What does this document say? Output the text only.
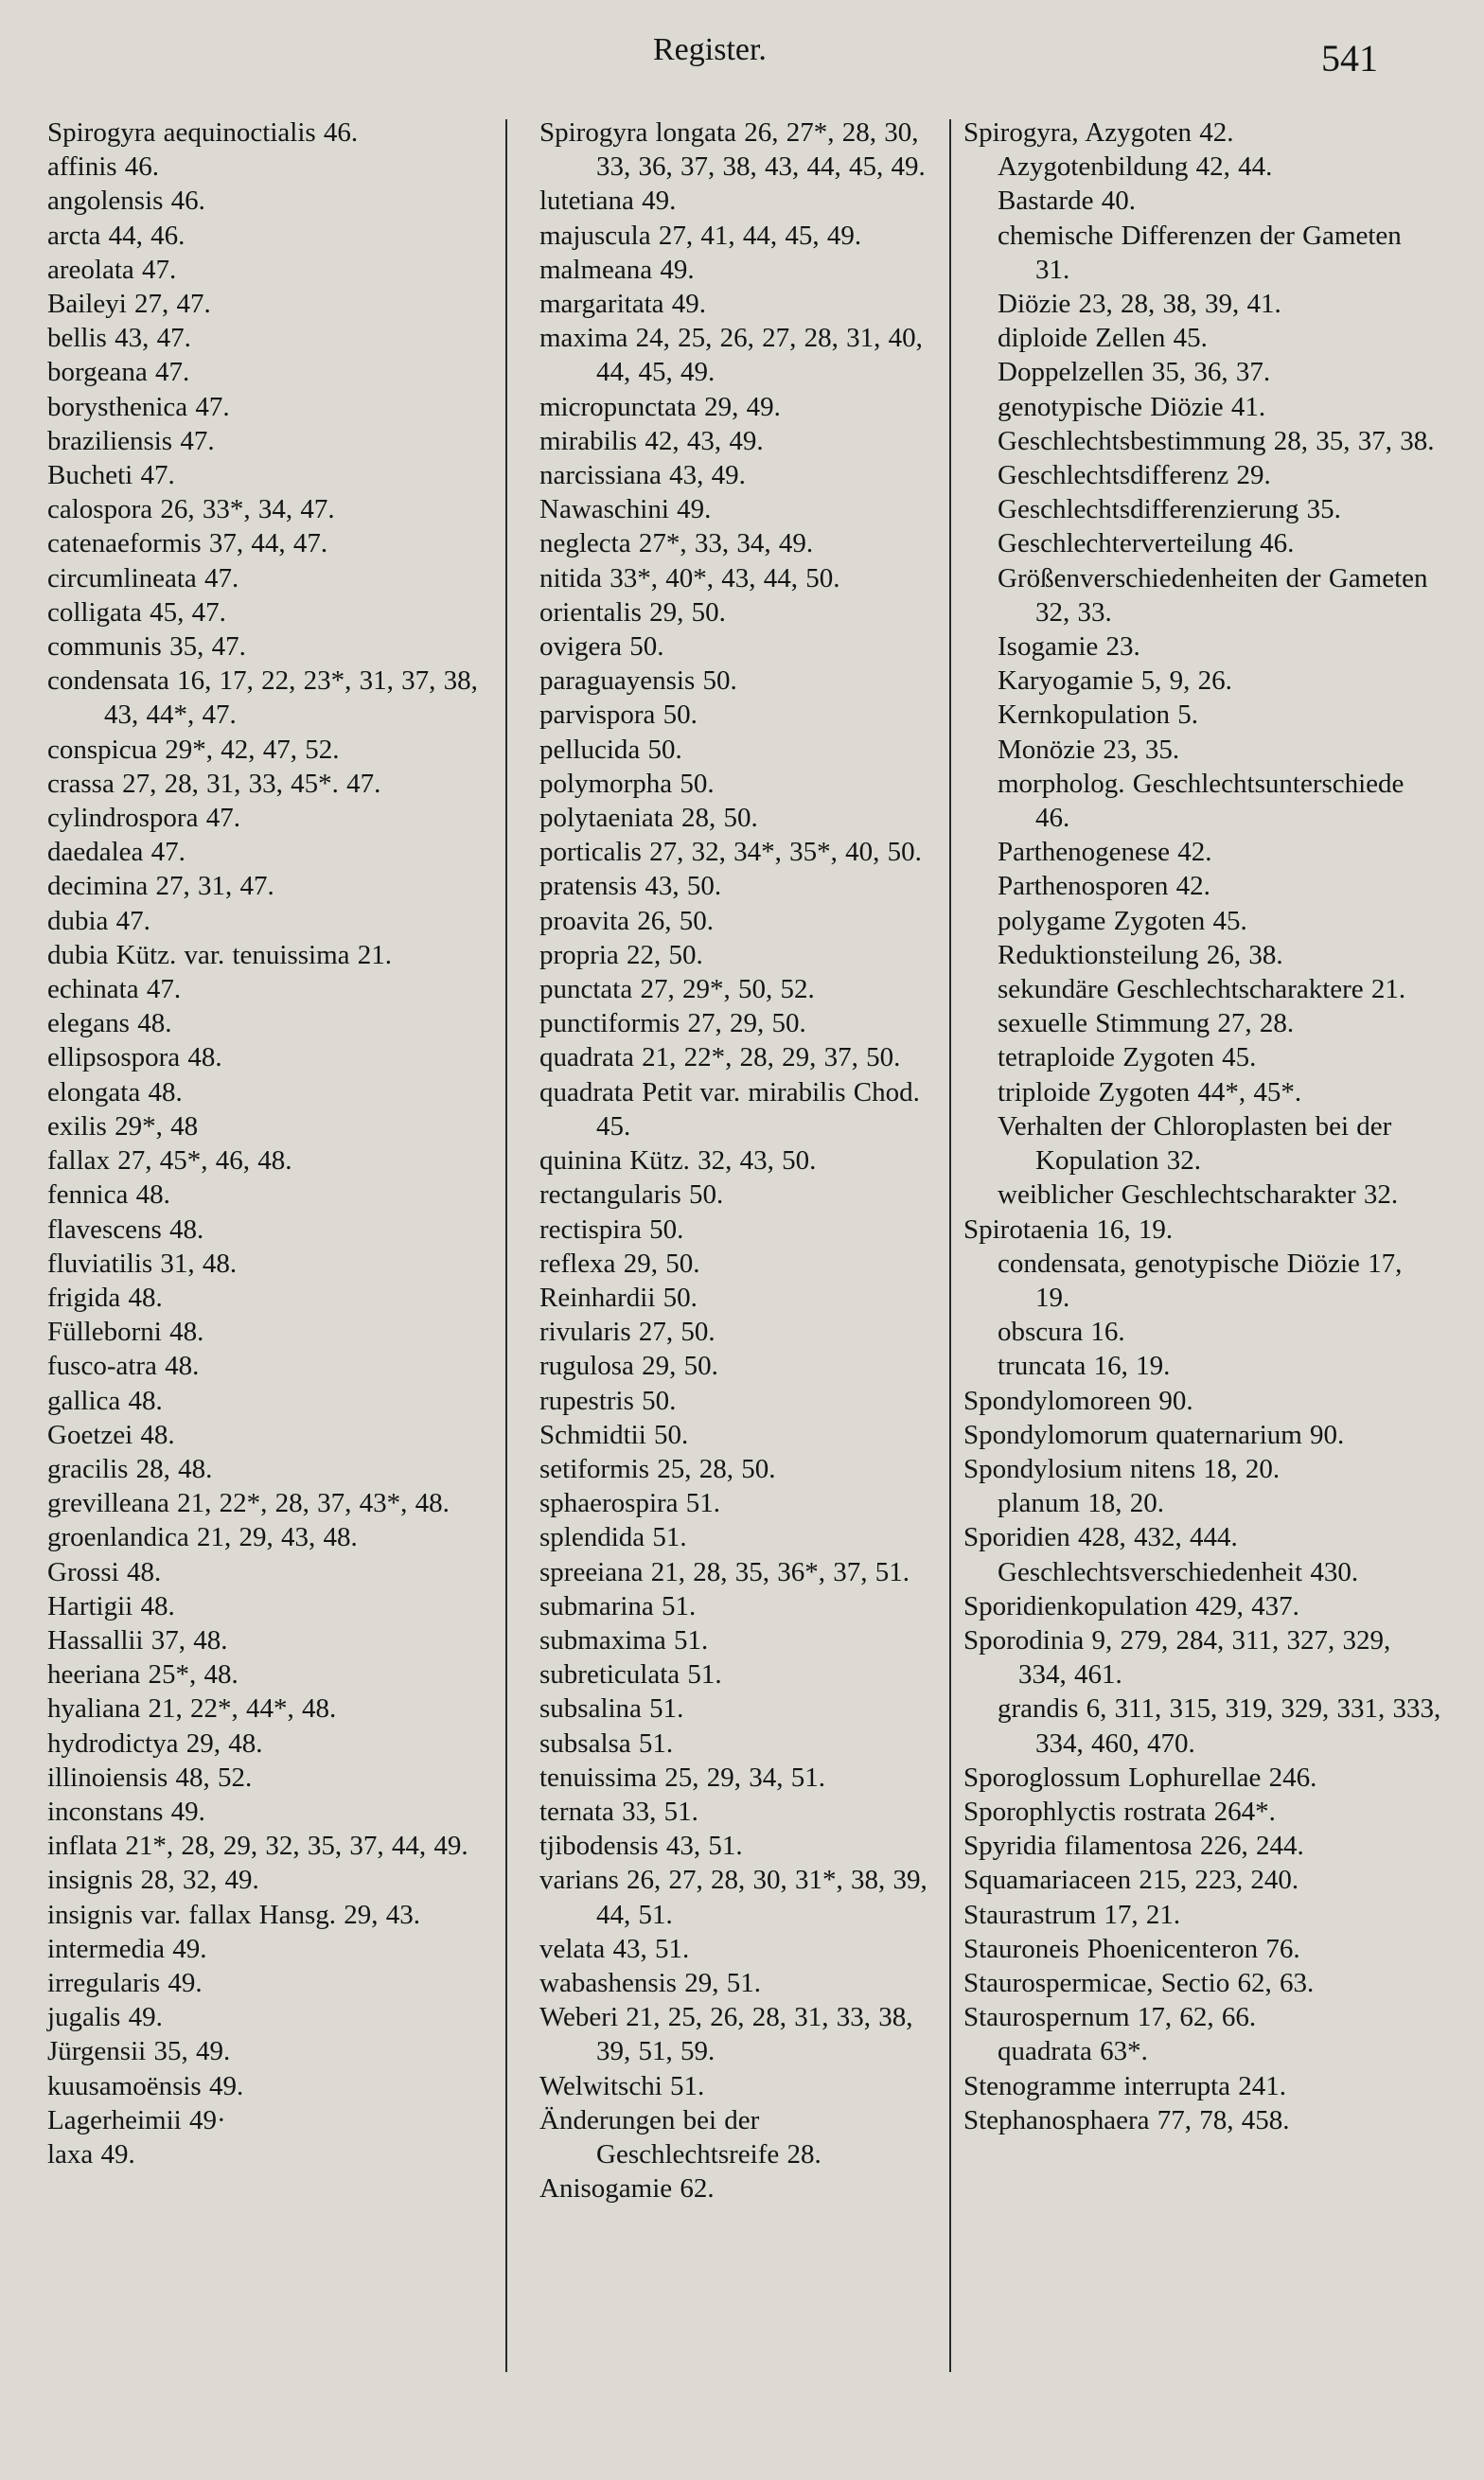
Register.	541
Spirogyra aequinoctialis 46.
affinis 46.
angolensis 46.
arcta 44, 46.
areolata 47.
Baileyi 27, 47.
bellis 43, 47.
borgeana 47.
borysthenica 47.
braziliensis 47.
Bucheti 47.
calospora 26, 33*, 34, 47.
catenaeformis 37, 44, 47.
circumlineata 47.
colligata 45, 47.
communis 35, 47.
condensata 16, 17, 22, 23*, 31, 37, 38, 43, 44*, 47.
conspicua 29*, 42, 47, 52.
crassa 27, 28, 31, 33, 45*. 47.
cylindrospora 47.
daedalea 47.
decimina 27, 31, 47.
dubia 47.
dubia Kütz. var. tenuissima 21.
echinata 47.
elegans 48.
ellipsospora 48.
elongata 48.
exilis 29*, 48
fallax 27, 45*, 46, 48.
fennica 48.
flavescens 48.
fluviatilis 31, 48.
frigida 48.
Fülleborni 48.
fusco-atra 48.
gallica 48.
Goetzei 48.
gracilis 28, 48.
grevilleana 21, 22*, 28, 37, 43*, 48.
groenlandica 21, 29, 43, 48.
Grossi 48.
Hartigii 48.
Hassallii 37, 48.
heeriana 25*, 48.
hyaliana 21, 22*, 44*, 48.
hydrodictya 29, 48.
illinoiensis 48, 52.
inconstans 49.
inflata 21*, 28, 29, 32, 35, 37, 44, 49.
insignis 28, 32, 49.
insignis var. fallax Hansg. 29, 43.
intermedia 49.
irregularis 49.
jugalis 49.
Jürgensii 35, 49.
kuusamoënsis 49.
Lagerheimii 49·
laxa 49.
Spirogyra longata 26, 27*, 28, 30, 33, 36, 37, 38, 43, 44, 45, 49.
lutetiana 49.
majuscula 27, 41, 44, 45, 49.
malmeana 49.
margaritata 49.
maxima 24, 25, 26, 27, 28, 31, 40, 44, 45, 49.
micropunctata 29, 49.
mirabilis 42, 43, 49.
narcissiana 43, 49.
Nawaschini 49.
neglecta 27*, 33, 34, 49.
nitida 33*, 40*, 43, 44, 50.
orientalis 29, 50.
ovigera 50.
paraguayensis 50.
parvispora 50.
pellucida 50.
polymorpha 50.
polytaeniata 28, 50.
porticalis 27, 32, 34*, 35*, 40, 50.
pratensis 43, 50.
proavita 26, 50.
propria 22, 50.
punctata 27, 29*, 50, 52.
punctiformis 27, 29, 50.
quadrata 21, 22*, 28, 29, 37, 50.
quadrata Petit var. mirabilis Chod. 45.
quinina Kütz. 32, 43, 50.
rectangularis 50.
rectispira 50.
reflexa 29, 50.
Reinhardii 50.
rivularis 27, 50.
rugulosa 29, 50.
rupestris 50.
Schmidtii 50.
setiformis 25, 28, 50.
sphaerospira 51.
splendida 51.
spreeiana 21, 28, 35, 36*, 37, 51.
submarina 51.
submaxima 51.
subreticulata 51.
subsalina 51.
subsalsa 51.
tenuissima 25, 29, 34, 51.
ternata 33, 51.
tjibodensis 43, 51.
varians 26, 27, 28, 30, 31*, 38, 39, 44, 51.
velata 43, 51.
wabashensis 29, 51.
Weberi 21, 25, 26, 28, 31, 33, 38, 39, 51, 59.
Welwitschi 51.
Änderungen bei der Geschlechtsreife 28.
Anisogamie 62.
Spirogyra, Azygoten 42.
Azygotenbildung 42, 44.
Bastarde 40.
chemische Differenzen der Gameten 31.
Diözie 23, 28, 38, 39, 41.
diploide Zellen 45.
Doppelzellen 35, 36, 37.
genotypische Diözie 41.
Geschlechtsbestimmung 28, 35, 37, 38.
Geschlechtsdifferenz 29.
Geschlechtsdifferenzierung 35.
Geschlechterverteilung 46.
Größenverschiedenheiten der Gameten 32, 33.
Isogamie 23.
Karyogamie 5, 9, 26.
Kernkopulation 5.
Monözie 23, 35.
morpholog. Geschlechtsunterschiede 46.
Parthenogenese 42.
Parthenosporen 42.
polygame Zygoten 45.
Reduktionsteilung 26, 38.
sekundäre Geschlechtscharaktere 21.
sexuelle Stimmung 27, 28.
tetraploide Zygoten 45.
triploide Zygoten 44*, 45*.
Verhalten der Chloroplasten bei der Kopulation 32.
weiblicher Geschlechtscharakter 32.
Spirotaenia 16, 19.
condensata, genotypische Diözie 17, 19.
obscura 16.
truncata 16, 19.
Spondylomoreen 90.
Spondylomorum quaternarium 90.
Spondylosium nitens 18, 20.
planum 18, 20.
Sporidien 428, 432, 444.
Geschlechtsverschiedenheit 430.
Sporidienkopulation 429, 437.
Sporodinia 9, 279, 284, 311, 327, 329, 334, 461.
grandis 6, 311, 315, 319, 329, 331, 333, 334, 460, 470.
Sporoglossum Lophurellae 246.
Sporophlyctis rostrata 264*.
Spyridia filamentosa 226, 244.
Squamariaceen 215, 223, 240.
Staurastrum 17, 21.
Stauroneis Phoenicenteron 76.
Staurospermicae, Sectio 62, 63.
Staurospernum 17, 62, 66.
quadrata 63*.
Stenogramme interrupta 241.
Stephanosphaera 77, 78, 458.
